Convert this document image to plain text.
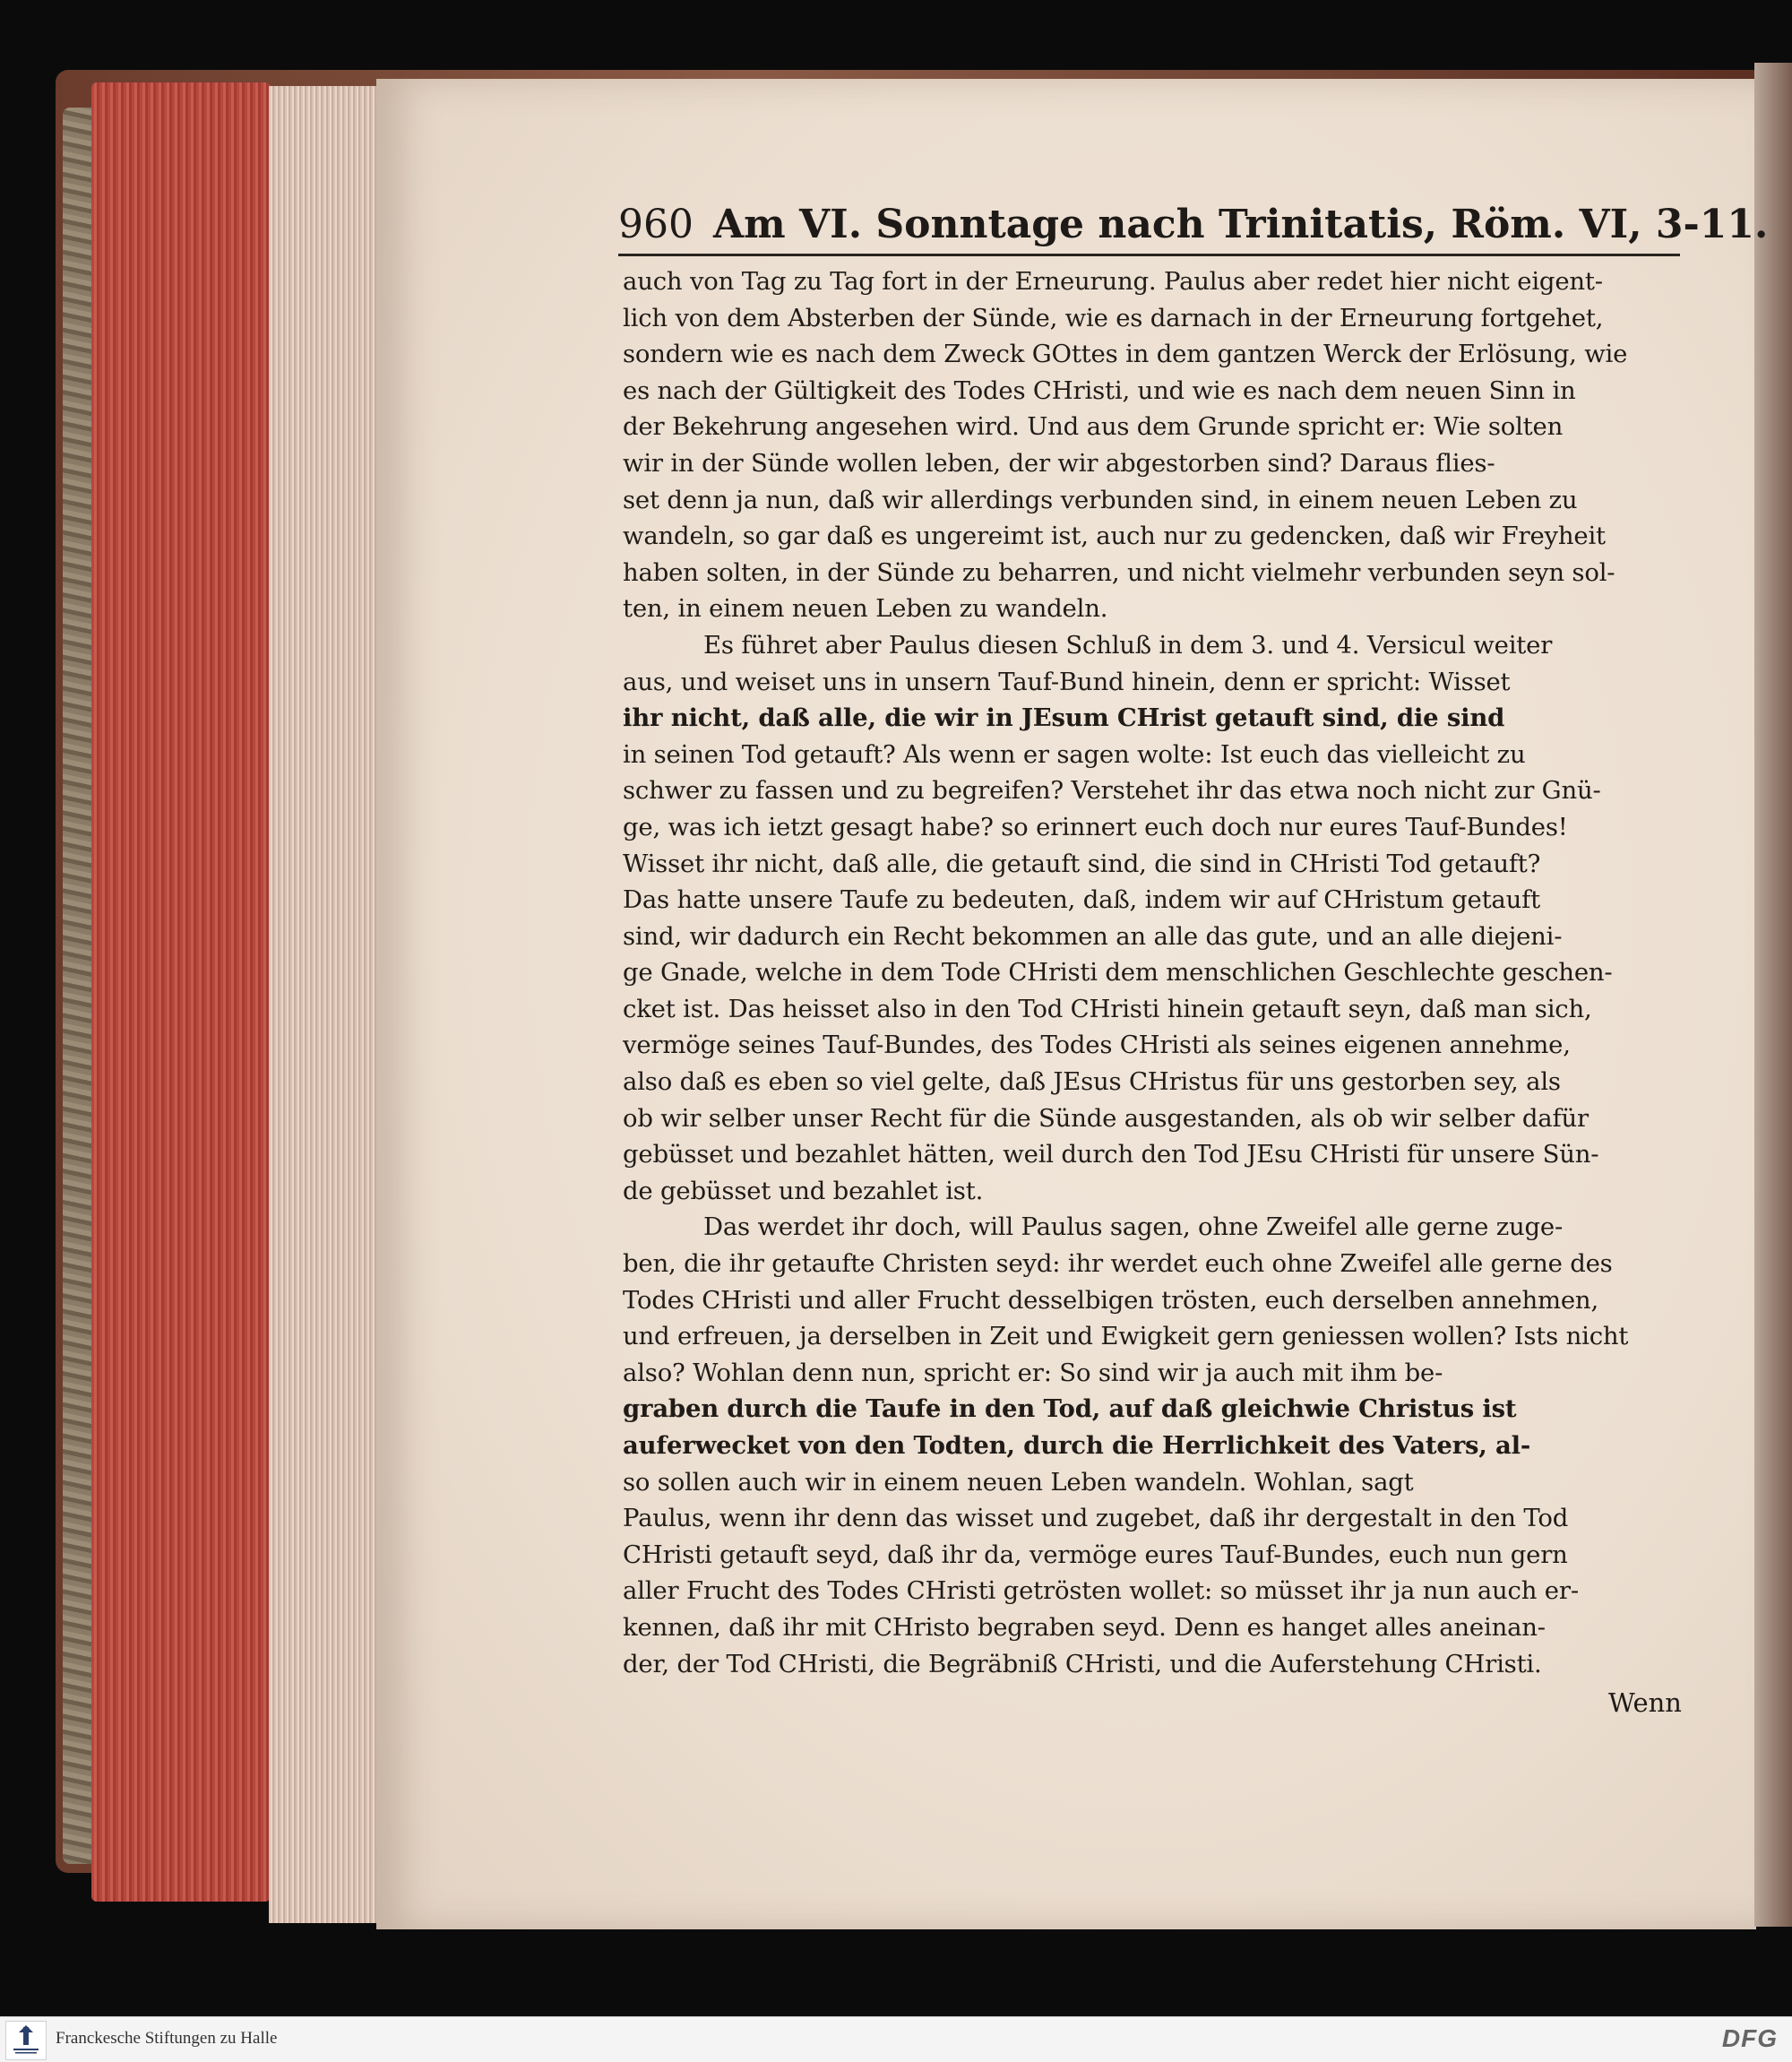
960 Am VI. Sonntage nach Trinitatis, Röm. VI, 3-11.
auch von Tag zu Tag fort in der Erneurung. Paulus aber redet hier nicht eigent-
lich von dem Absterben der Sünde, wie es darnach in der Erneurung fortgehet,
sondern wie es nach dem Zweck GOttes in dem gantzen Werck der Erlösung, wie
es nach der Gültigkeit des Todes CHristi, und wie es nach dem neuen Sinn in
der Bekehrung angesehen wird. Und aus dem Grunde spricht er: Wie solten
wir in der Sünde wollen leben, der wir abgestorben sind? Daraus flies-
set denn ja nun, daß wir allerdings verbunden sind, in einem neuen Leben zu
wandeln, so gar daß es ungereimt ist, auch nur zu gedencken, daß wir Freyheit
haben solten, in der Sünde zu beharren, und nicht vielmehr verbunden seyn sol-
ten, in einem neuen Leben zu wandeln.
Es führet aber Paulus diesen Schluß in dem 3. und 4. Versicul weiter
aus, und weiset uns in unsern Tauf-Bund hinein, denn er spricht: Wisset
ihr nicht, daß alle, die wir in JEsum CHrist getauft sind, die sind
in seinen Tod getauft? Als wenn er sagen wolte: Ist euch das vielleicht zu
schwer zu fassen und zu begreifen? Verstehet ihr das etwa noch nicht zur Gnü-
ge, was ich ietzt gesagt habe? so erinnert euch doch nur eures Tauf-Bundes!
Wisset ihr nicht, daß alle, die getauft sind, die sind in CHristi Tod getauft?
Das hatte unsere Taufe zu bedeuten, daß, indem wir auf CHristum getauft
sind, wir dadurch ein Recht bekommen an alle das gute, und an alle diejeni-
ge Gnade, welche in dem Tode CHristi dem menschlichen Geschlechte geschen-
cket ist. Das heisset also in den Tod CHristi hinein getauft seyn, daß man sich,
vermöge seines Tauf-Bundes, des Todes CHristi als seines eigenen annehme,
also daß es eben so viel gelte, daß JEsus CHristus für uns gestorben sey, als
ob wir selber unser Recht für die Sünde ausgestanden, als ob wir selber dafür
gebüsset und bezahlet hätten, weil durch den Tod JEsu CHristi für unsere Sün-
de gebüsset und bezahlet ist.
Das werdet ihr doch, will Paulus sagen, ohne Zweifel alle gerne zuge-
ben, die ihr getaufte Christen seyd: ihr werdet euch ohne Zweifel alle gerne des
Todes CHristi und aller Frucht desselbigen trösten, euch derselben annehmen,
und erfreuen, ja derselben in Zeit und Ewigkeit gern geniessen wollen? Ists nicht
also? Wohlan denn nun, spricht er: So sind wir ja auch mit ihm be-
graben durch die Taufe in den Tod, auf daß gleichwie Christus ist
auferwecket von den Todten, durch die Herrlichkeit des Vaters, al-
so sollen auch wir in einem neuen Leben wandeln. Wohlan, sagt
Paulus, wenn ihr denn das wisset und zugebet, daß ihr dergestalt in den Tod
CHristi getauft seyd, daß ihr da, vermöge eures Tauf-Bundes, euch nun gern
aller Frucht des Todes CHristi getrösten wollet: so müsset ihr ja nun auch er-
kennen, daß ihr mit CHristo begraben seyd. Denn es hanget alles aneinan-
der, der Tod CHristi, die Begräbniß CHristi, und die Auferstehung CHristi.
Wenn
Franckesche Stiftungen zu Halle	DFG
